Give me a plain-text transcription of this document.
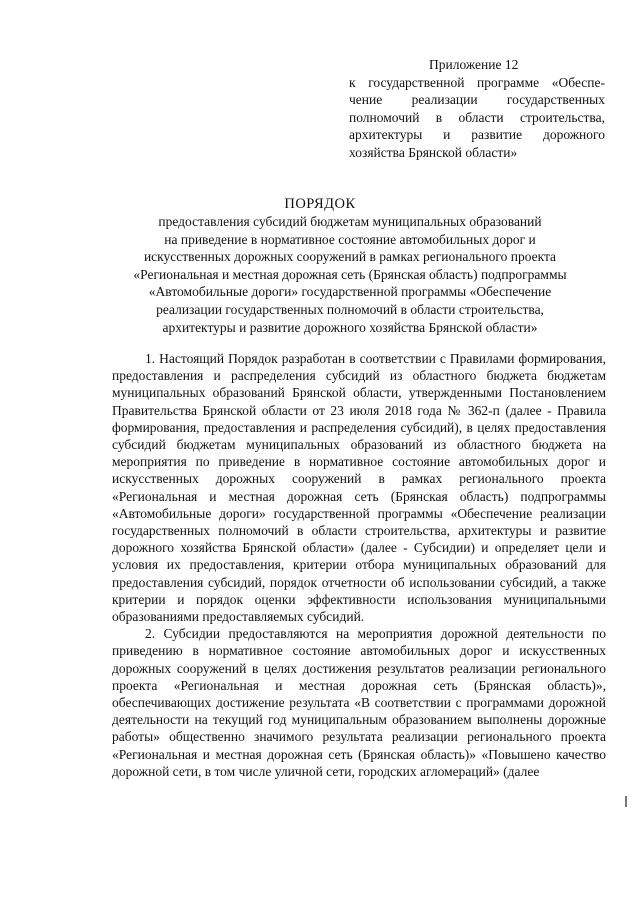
Приложение 12
к государственной программе «Обеспе-чение реализации государственных полномочий в области строительства, архитектуры и развитие дорожного хозяйства Брянской области»
ПОРЯДОК
предоставления субсидий бюджетам муниципальных образований
на приведение в нормативное состояние автомобильных дорог и
искусственных дорожных сооружений в рамках регионального проекта
«Региональная и местная дорожная сеть (Брянская область) подпрограммы
«Автомобильные дороги» государственной программы «Обеспечение
реализации государственных полномочий в области строительства,
архитектуры и развитие дорожного хозяйства Брянской области»

1. Настоящий Порядок разработан в соответствии с Правилами формирования, предоставления и распределения субсидий из областного бюджета бюджетам муниципальных образований Брянской области, утвержденными Постановлением Правительства Брянской области от 23 июля 2018 года № 362-п (далее - Правила формирования, предоставления и распределения субсидий), в целях предоставления субсидий бюджетам муниципальных образований из областного бюджета на мероприятия по приведение в нормативное состояние автомобильных дорог и искусственных дорожных сооружений в рамках регионального проекта «Региональная и местная дорожная сеть (Брянская область) подпрограммы «Автомобильные дороги» государственной программы «Обеспечение реализации государственных полномочий в области строительства, архитектуры и развитие дорожного хозяйства Брянской области» (далее - Субсидии) и определяет цели и условия их предоставления, критерии отбора муниципальных образований для предоставления субсидий, порядок отчетности об использовании субсидий, а также критерии и порядок оценки эффективности использования муниципальными образованиями предоставляемых субсидий.

2. Субсидии предоставляются на мероприятия дорожной деятельности по приведению в нормативное состояние автомобильных дорог и искусственных дорожных сооружений в целях достижения результатов реализации регионального проекта «Региональная и местная дорожная сеть (Брянская область)», обеспечивающих достижение результата «В соответствии с программами дорожной деятельности на текущий год муниципальным образованием выполнены дорожные работы» общественно значимого результата реализации регионального проекта «Региональная и местная дорожная сеть (Брянская область)» «Повышено качество дорожной сети, в том числе уличной сети, городских агломераций» (далее
